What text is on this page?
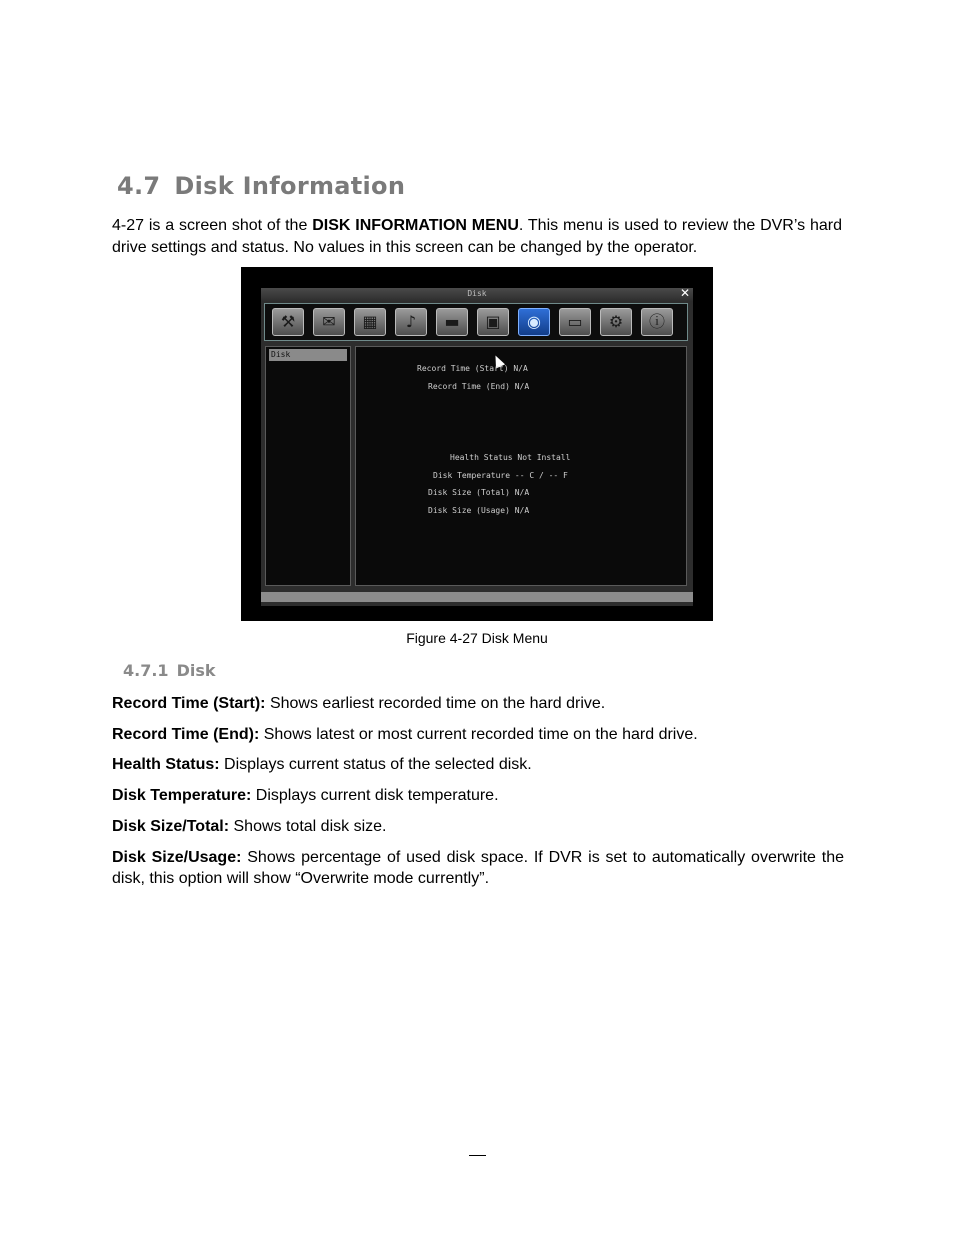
4.7 Disk Information
4-27 is a screen shot of the DISK INFORMATION MENU. This menu is used to review the DVR’s hard drive settings and status. No values in this screen can be changed by the operator.
Disk	✕
⚒	✉	▦	♪	▬	▣	◉	▭	⚙	ⓘ
Disk
Record Time (Start) N/A
Record Time (End) N/A
Health Status Not Install
Disk Temperature -- C / -- F
Disk Size (Total) N/A
Disk Size (Usage) N/A
Figure 4-27 Disk Menu
4.7.1 Disk
Record Time (Start): Shows earliest recorded time on the hard drive.
Record Time (End): Shows latest or most current recorded time on the hard drive.
Health Status: Displays current status of the selected disk.
Disk Temperature: Displays current disk temperature.
Disk Size/Total: Shows total disk size.
Disk Size/Usage: Shows percentage of used disk space. If DVR is set to automatically overwrite the disk, this option will show “Overwrite mode currently”.
